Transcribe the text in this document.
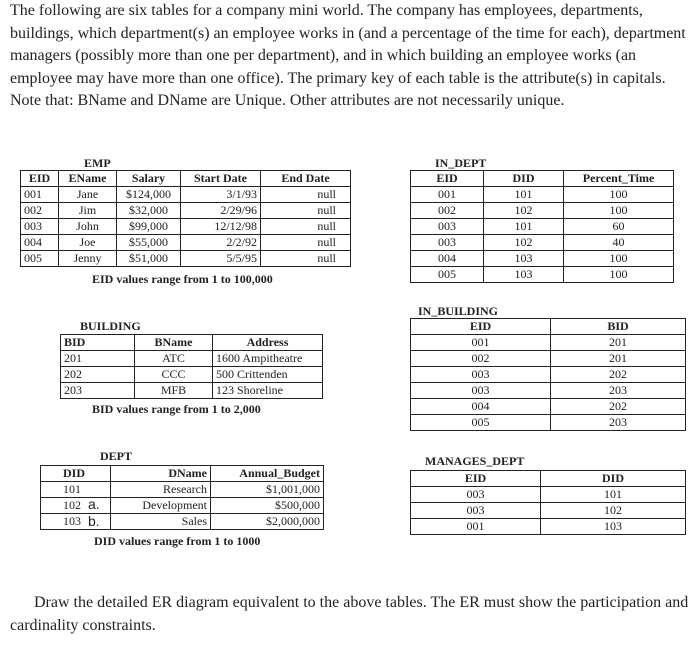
The following are six tables for a company mini world. The company has employees, departments, buildings, which department(s) an employee works in (and a percentage of the time for each), department managers (possibly more than one per department), and in which building an employee works (an employee may have more than one office). The primary key of each table is the attribute(s) in capitals. Note that: BName and DName are Unique. Other attributes are not necessarily unique.

EMP
EID	EName	Salary	Start Date	End Date
001	Jane	$124,000	3/1/93	null
002	Jim	$32,000	2/29/96	null
003	John	$99,000	12/12/98	null
004	Joe	$55,000	2/2/92	null
005	Jenny	$51,000	5/5/95	null
EID values range from 1 to 100,000
IN_DEPT
EID	DID	Percent_Time
001	101	100
002	102	100
003	101	60
003	102	40
004	103	100
005	103	100
BUILDING
BID	BName	Address
201	ATC	1600 Ampitheatre
202	CCC	500 Crittenden
203	MFB	123 Shoreline
BID values range from 1 to 2,000
IN_BUILDING
EID	BID
001	201
002	201
003	202
003	203
004	202
005	203
DEPT
DID	DName	Annual_Budget
101	Research	$1,001,000
102	Development	$500,000
103	Sales	$2,000,000
a.
b.
DID values range from 1 to 1000
MANAGES_DEPT
EID	DID
003	101
003	102
001	103

Draw the detailed ER diagram equivalent to the above tables. The ER must show the participation and cardinality constraints.
